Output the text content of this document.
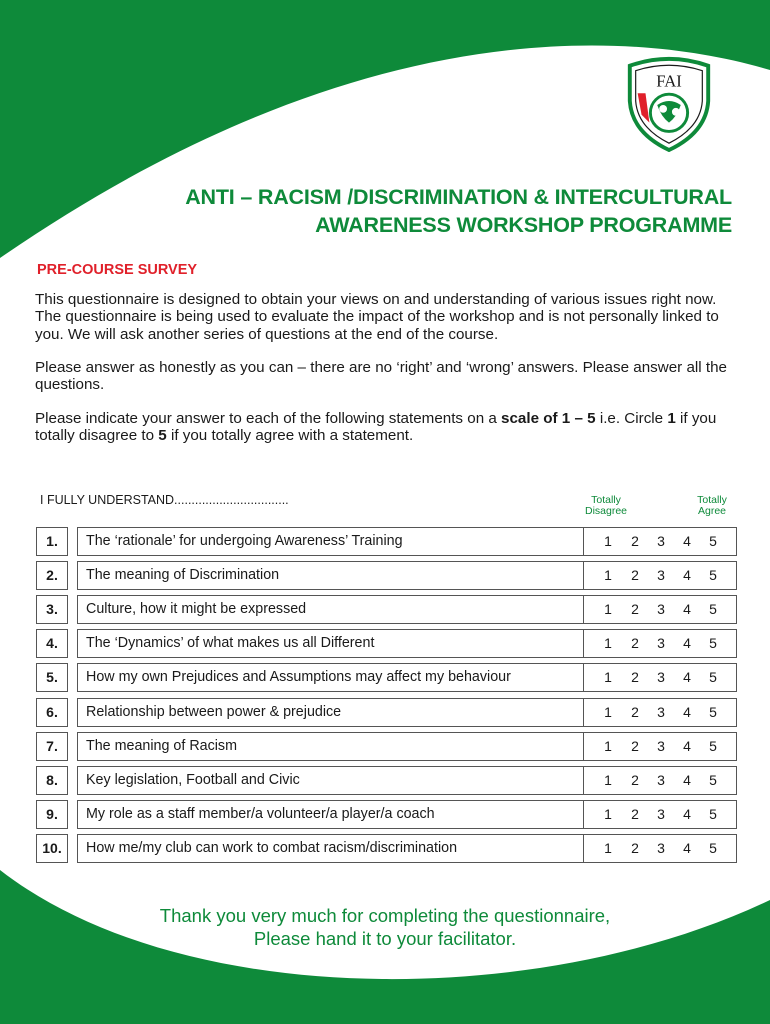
FAI
ANTI – RACISM /DISCRIMINATION & INTERCULTURAL
AWARENESS WORKSHOP PROGRAMME
PRE-COURSE SURVEY
This questionnaire is designed to obtain your views on and understanding of various issues right now. The questionnaire is being used to evaluate the impact of the workshop and is not personally linked to you. We will ask another series of questions at the end of the course.
Please answer as honestly as you can – there are no ‘right’ and ‘wrong’ answers. Please answer all the questions.
Please indicate your answer to each of the following statements on a scale of 1 – 5 i.e. Circle 1 if you totally disagree to 5 if you totally agree with a statement.
I FULLY UNDERSTAND.................................	Totally
Disagree
Totally
Agree
1.	The ‘rationale’ for undergoing Awareness’ Training	1 2 3 4 5
2.	The meaning of Discrimination	1 2 3 4 5
3.	Culture, how it might be expressed	1 2 3 4 5
4.	The ‘Dynamics’ of what makes us all Different	1 2 3 4 5
5.	How my own Prejudices and Assumptions may affect my behaviour	1 2 3 4 5
6.	Relationship between power & prejudice	1 2 3 4 5
7.	The meaning of Racism	1 2 3 4 5
8.	Key legislation, Football and Civic	1 2 3 4 5
9.	My role as a staff member/a volunteer/a player/a coach	1 2 3 4 5
10.	How me/my club can work to combat racism/discrimination	1 2 3 4 5
Thank you very much for completing the questionnaire,
Please hand it to your facilitator.
